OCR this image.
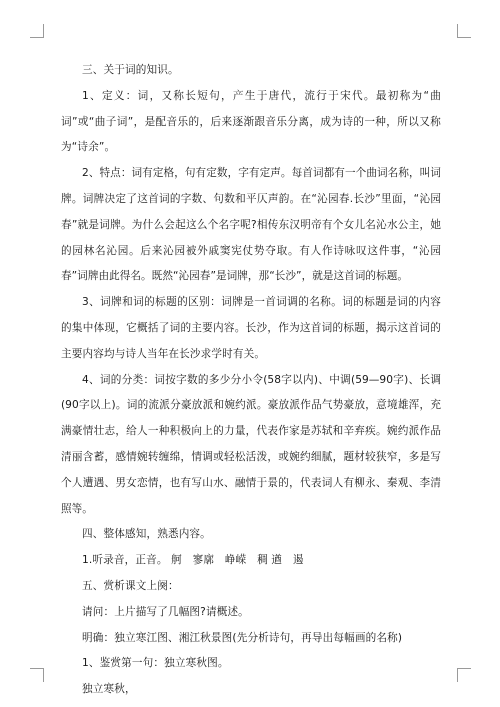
三、关于词的知识。

1、定义：词，又称长短句，产生于唐代，流行于宋代。最初称为“曲词”或“曲子词”，是配音乐的，后来逐渐跟音乐分离，成为诗的一种，所以又称为“诗余”。

2、特点：词有定格，句有定数，字有定声。每首词都有一个曲词名称，叫词牌。词牌决定了这首词的字数、句数和平仄声韵。在“沁园春.长沙”里面，“沁园春”就是词牌。为什么会起这么个名字呢?相传东汉明帝有个女儿名沁水公主，她的园林名沁园。后来沁园被外戚窦宪仗势夺取。有人作诗咏叹这件事，“沁园春”词牌由此得名。既然“沁园春”是词牌，那“长沙”，就是这首词的标题。

3、词牌和词的标题的区别：词牌是一首词调的名称。词的标题是词的内容的集中体现，它概括了词的主要内容。长沙，作为这首词的标题，揭示这首词的主要内容均与诗人当年在长沙求学时有关。

4、词的分类：词按字数的多少分小令(58字以内)、中调(59—90字)、长调(90字以上)。词的流派分豪放派和婉约派。豪放派作品气势豪放，意境雄浑，充满豪情壮志，给人一种积极向上的力量，代表作家是苏轼和辛弃疾。婉约派作品清丽含蓄，感情婉转缠绵，情调或轻松活泼，或婉约细腻，题材较狭窄，多是写个人遭遇、男女恋情，也有写山水、融情于景的，代表词人有柳永、秦观、李清照等。

四、整体感知，熟悉内容。

1.听录音，正音。 舸　寥廓　峥嵘　稠 遒　遏

五、赏析课文上阕：

请问：上片描写了几幅图?请概述。

明确：独立寒江图、湘江秋景图(先分析诗句，再导出每幅画的名称)

1、鉴赏第一句：独立寒秋图。

独立寒秋，
